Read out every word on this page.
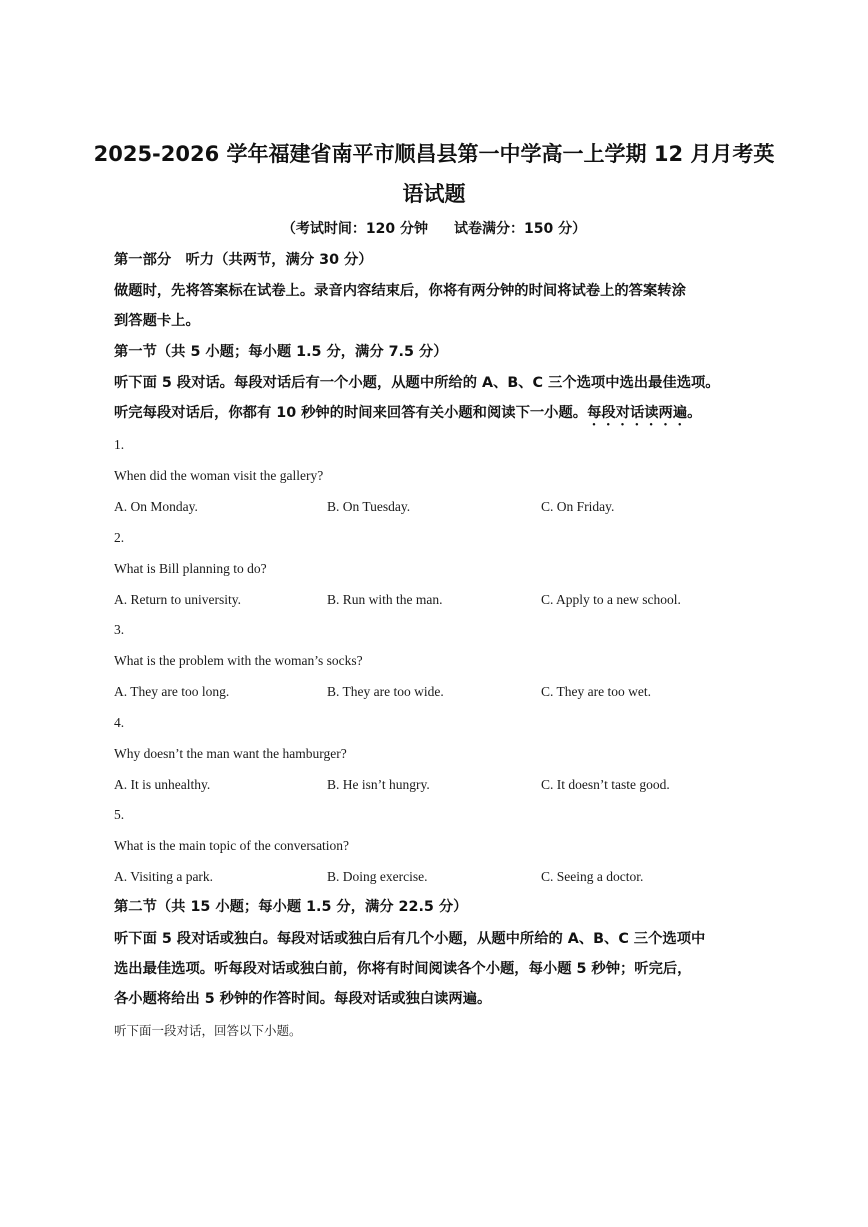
2025-2026 学年福建省南平市顺昌县第一中学高一上学期 12 月月考英
语试题
（考试时间：120 分钟 试卷满分：150 分）
第一部分　听力（共两节，满分 30 分）
做题时，先将答案标在试卷上。录音内容结束后，你将有两分钟的时间将试卷上的答案转涂
到答题卡上。
第一节（共 5 小题；每小题 1.5 分，满分 7.5 分）
听下面 5 段对话。每段对话后有一个小题，从题中所给的 A、B、C 三个选项中选出最佳选项。
听完每段对话后，你都有 10 秒钟的时间来回答有关小题和阅读下一小题。每段对话读两遍。
1.
When did the woman visit the gallery?
A. On Monday.	B. On Tuesday.	C. On Friday.
2.
What is Bill planning to do?
A. Return to university.	B. Run with the man.	C. Apply to a new school.
3.
What is the problem with the woman’s socks?
A. They are too long.	B. They are too wide.	C. They are too wet.
4.
Why doesn’t the man want the hamburger?
A. It is unhealthy.	B. He isn’t hungry.	C. It doesn’t taste good.
5.
What is the main topic of the conversation?
A. Visiting a park.	B. Doing exercise.	C. Seeing a doctor.
第二节（共 15 小题；每小题 1.5 分，满分 22.5 分）
听下面 5 段对话或独白。每段对话或独白后有几个小题，从题中所给的 A、B、C 三个选项中
选出最佳选项。听每段对话或独白前，你将有时间阅读各个小题，每小题 5 秒钟；听完后，
各小题将给出 5 秒钟的作答时间。每段对话或独白读两遍。
听下面一段对话，回答以下小题。
